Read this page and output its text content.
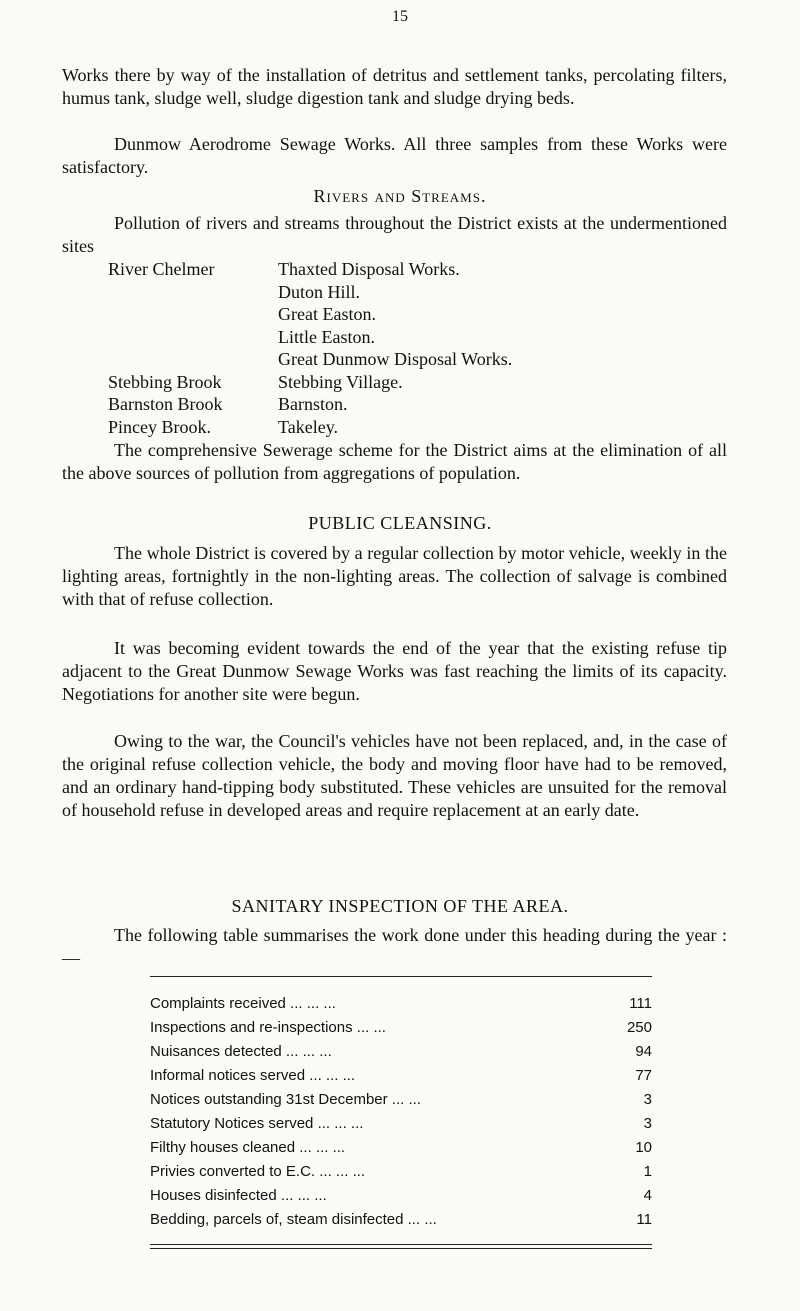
15

Works there by way of the installation of detritus and settlement tanks, percolating filters, humus tank, sludge well, sludge digestion tank and sludge drying beds.

Dunmow Aerodrome Sewage Works. All three samples from these Works were satisfactory.

Rivers and Streams.

Pollution of rivers and streams throughout the District exists at the undermentioned sites

River Chelmer	Thaxted Disposal Works.
	Duton Hill.
	Great Easton.
	Little Easton.
	Great Dunmow Disposal Works.
Stebbing Brook	Stebbing Village.
Barnston Brook	Barnston.
Pincey Brook.	Takeley.

The comprehensive Sewerage scheme for the District aims at the elimination of all the above sources of pollution from aggregations of population.

PUBLIC CLEANSING.

The whole District is covered by a regular collection by motor vehicle, weekly in the lighting areas, fortnightly in the non-lighting areas. The collection of salvage is combined with that of refuse collection.

It was becoming evident towards the end of the year that the existing refuse tip adjacent to the Great Dunmow Sewage Works was fast reaching the limits of its capacity. Negotiations for another site were begun.

Owing to the war, the Council's vehicles have not been replaced, and, in the case of the original refuse collection vehicle, the body and moving floor have had to be removed, and an ordinary hand-tipping body substituted. These vehicles are unsuited for the removal of household refuse in developed areas and require replacement at an early date.

SANITARY INSPECTION OF THE AREA.

The following table summarises the work done under this heading during the year :—

Complaints received ... ... ...	111
Inspections and re-inspections ... ...	250
Nuisances detected ... ... ...	94
Informal notices served ... ... ...	77
Notices outstanding 31st December ... ...	3
Statutory Notices served ... ... ...	3
Filthy houses cleaned ... ... ...	10
Privies converted to E.C. ... ... ...	1
Houses disinfected ... ... ...	4
Bedding, parcels of, steam disinfected ... ...	11
